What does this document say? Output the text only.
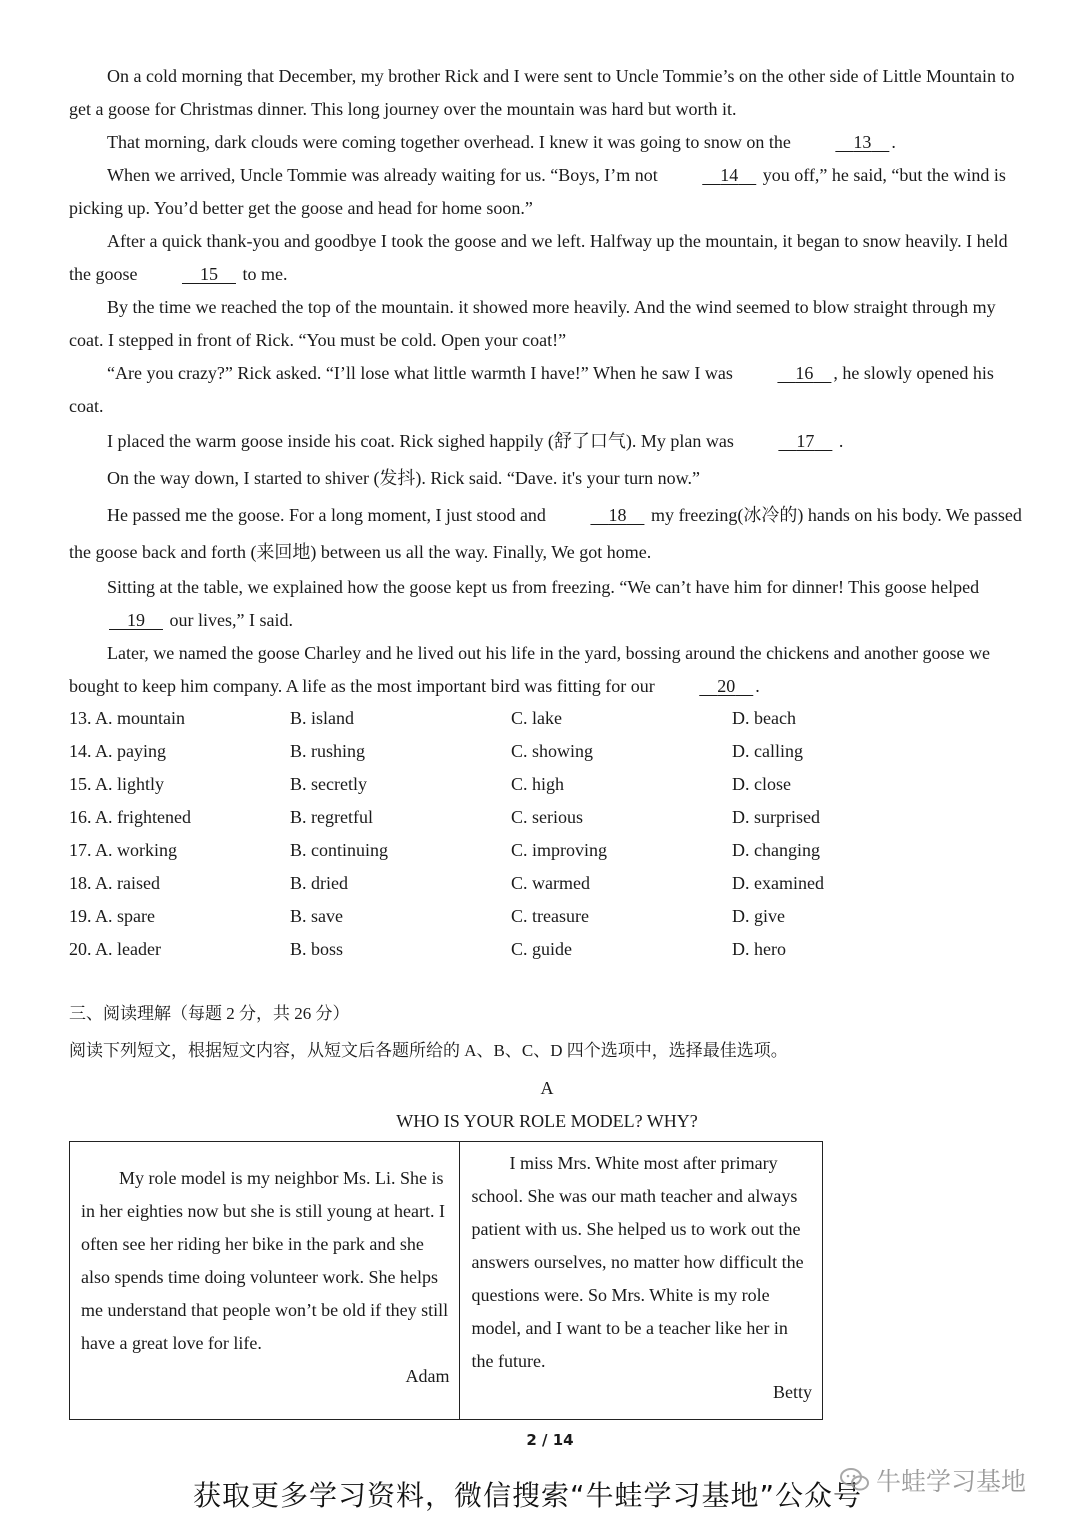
On a cold morning that December, my brother Rick and I were sent to Uncle Tommie’s on the other side of Little Mountain to get a goose for Christmas dinner. This long journey over the mountain was hard but worth it.

That morning, dark clouds were coming together overhead. I knew it was going to snow on the	13 .

When we arrived, Uncle Tommie was already waiting for us. “Boys, I’m not	14     you off,” he said, “but the wind is picking up. You’d better get the goose and head for home soon.”

After a quick thank-you and goodbye I took the goose and we left. Halfway up the mountain, it began to snow heavily. I held the goose	15     to me.

By the time we reached the top of the mountain. it showed more heavily. And the wind seemed to blow straight through my coat. I stepped in front of Rick. “You must be cold. Open your coat!”

“Are you crazy?” Rick asked. “I’ll lose what little warmth I have!” When he saw I was	16 , he slowly opened his coat.

I placed the warm goose inside his coat. Rick sighed happily (舒了口气). My plan was	17     .

On the way down, I started to shiver (发抖). Rick said. “Dave. it's your turn now.”

He passed me the goose. For a long moment, I just stood and	18     my freezing(冰冷的) hands on his body. We passed the goose back and forth (来回地) between us all the way. Finally, We got home.

Sitting at the table, we explained how the goose kept us from freezing. “We can’t have him for dinner! This goose helped     19     our lives,” I said.

Later, we named the goose Charley and he lived out his life in the yard, bossing around the chickens and another goose we bought to keep him company. A life as the most important bird was fitting for our	20 .

13. A. mountain	B. island	C. lake	D. beach
14. A. paying	B. rushing	C. showing	D. calling
15. A. lightly	B. secretly	C. high	D. close
16. A. frightened	B. regretful	C. serious	D. surprised
17. A. working	B. continuing	C. improving	D. changing
18. A. raised	B. dried	C. warmed	D. examined
19. A. spare	B. save	C. treasure	D. give
20. A. leader	B. boss	C. guide	D. hero
三、阅读理解（每题 2 分，共 26 分）
阅读下列短文，根据短文内容，从短文后各题所给的 A、B、C、D 四个选项中，选择最佳选项。
A
WHO IS YOUR ROLE MODEL? WHY?

My role model is my neighbor Ms. Li. She is in her eighties now but she is still young at heart. I often see her riding her bike in the park and she also spends time doing volunteer work. She helps me understand that people won’t be old if they still have a great love for life.

Adam

I miss Mrs. White most after primary school. She was our math teacher and always patient with us. She helped us to work out the answers ourselves, no matter how difficult the questions were. So Mrs. White is my role model, and I want to be a teacher like her in the future.

Betty
2 / 14
获取更多学习资料，微信搜索“牛蛙学习基地”公众号 牛蛙学习基地
